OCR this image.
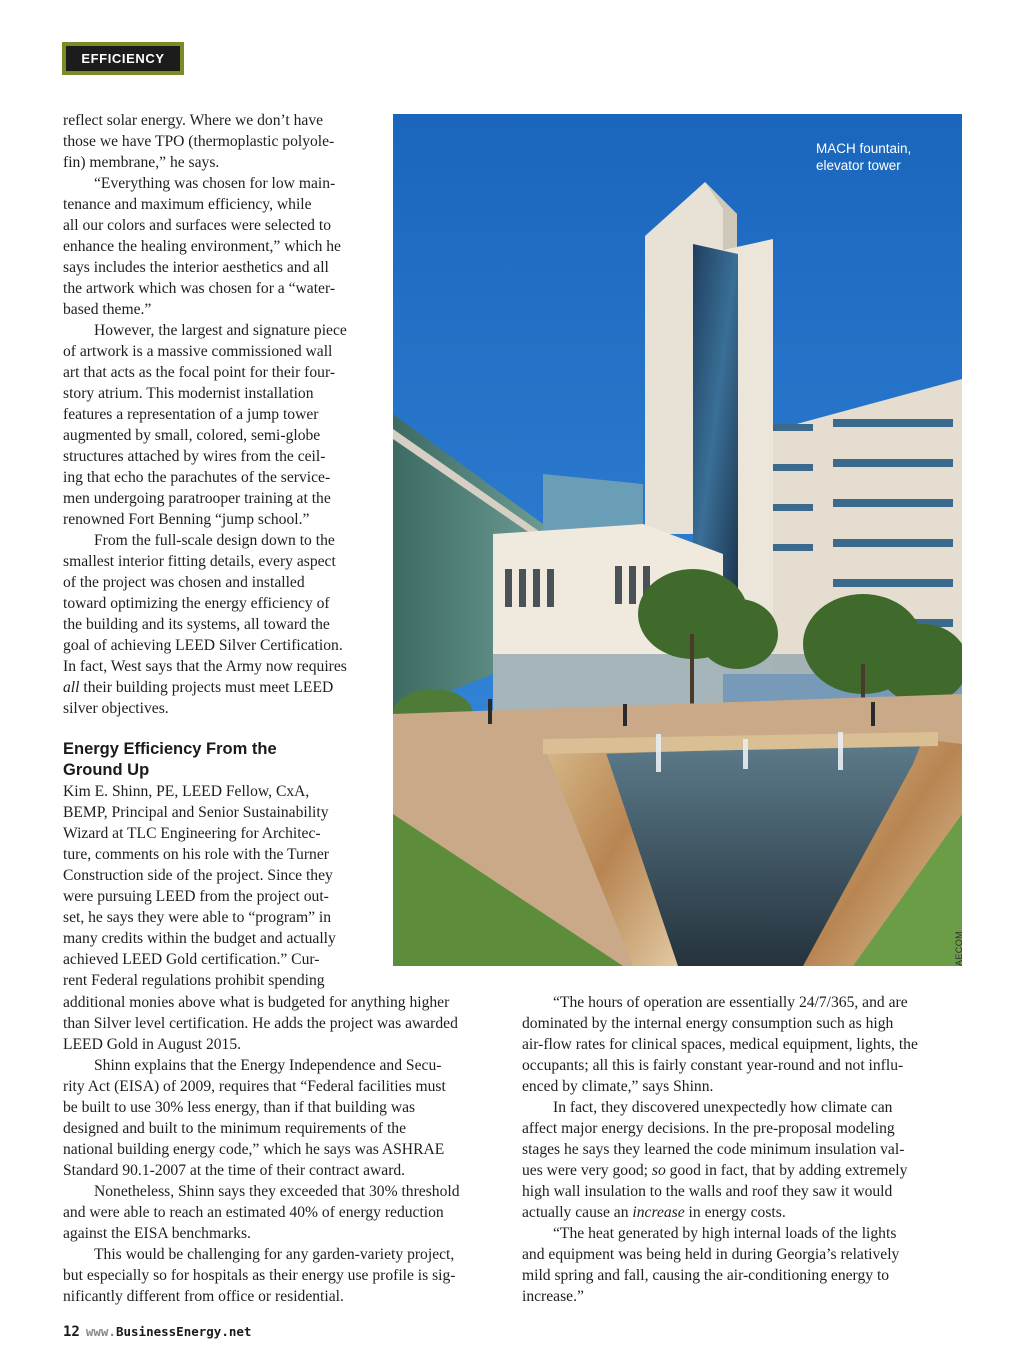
EFFICIENCY

reflect solar energy. Where we don’t have
those we have TPO (thermoplastic polyole-
fin) membrane,” he says.

“Everything was chosen for low main-
tenance and maximum efficiency, while
all our colors and surfaces were selected to
enhance the healing environment,” which he
says includes the interior aesthetics and all
the artwork which was chosen for a “water-
based theme.”

However, the largest and signature piece
of artwork is a massive commissioned wall
art that acts as the focal point for their four-
story atrium. This modernist installation
features a representation of a jump tower
augmented by small, colored, semi-globe
structures attached by wires from the ceil-
ing that echo the parachutes of the service-
men undergoing paratrooper training at the
renowned Fort Benning “jump school.”

From the full-scale design down to the
smallest interior fitting details, every aspect
of the project was chosen and installed
toward optimizing the energy efficiency of
the building and its systems, all toward the
goal of achieving LEED Silver Certification.
In fact, West says that the Army now requires
all their building projects must meet LEED
silver objectives.

Energy Efficiency From the
Ground Up

Kim E. Shinn, PE, LEED Fellow, CxA,
BEMP, Principal and Senior Sustainability
Wizard at TLC Engineering for Architec-
ture, comments on his role with the Turner
Construction side of the project. Since they
were pursuing LEED from the project out-
set, he says they were able to “program” in
many credits within the budget and actually
achieved LEED Gold certification.” Cur-
rent Federal regulations prohibit spending

MACH fountain,
elevator tower
AECOM

additional monies above what is budgeted for anything higher
than Silver level certification. He adds the project was awarded
LEED Gold in August 2015.

Shinn explains that the Energy Independence and Secu-
rity Act (EISA) of 2009, requires that “Federal facilities must
be built to use 30% less energy, than if that building was
designed and built to the minimum requirements of the
national building energy code,” which he says was ASHRAE
Standard 90.1-2007 at the time of their contract award.

Nonetheless, Shinn says they exceeded that 30% threshold
and were able to reach an estimated 40% of energy reduction
against the EISA benchmarks.

This would be challenging for any garden-variety project,
but especially so for hospitals as their energy use profile is sig-
nificantly different from office or residential.

“The hours of operation are essentially 24/7/365, and are
dominated by the internal energy consumption such as high
air-flow rates for clinical spaces, medical equipment, lights, the
occupants; all this is fairly constant year-round and not influ-
enced by climate,” says Shinn.

In fact, they discovered unexpectedly how climate can
affect major energy decisions. In the pre-proposal modeling
stages he says they learned the code minimum insulation val-
ues were very good; so good in fact, that by adding extremely
high wall insulation to the walls and roof they saw it would
actually cause an increase in energy costs.

“The heat generated by high internal loads of the lights
and equipment was being held in during Georgia’s relatively
mild spring and fall, causing the air-conditioning energy to
increase.”

12 www.BusinessEnergy.net
